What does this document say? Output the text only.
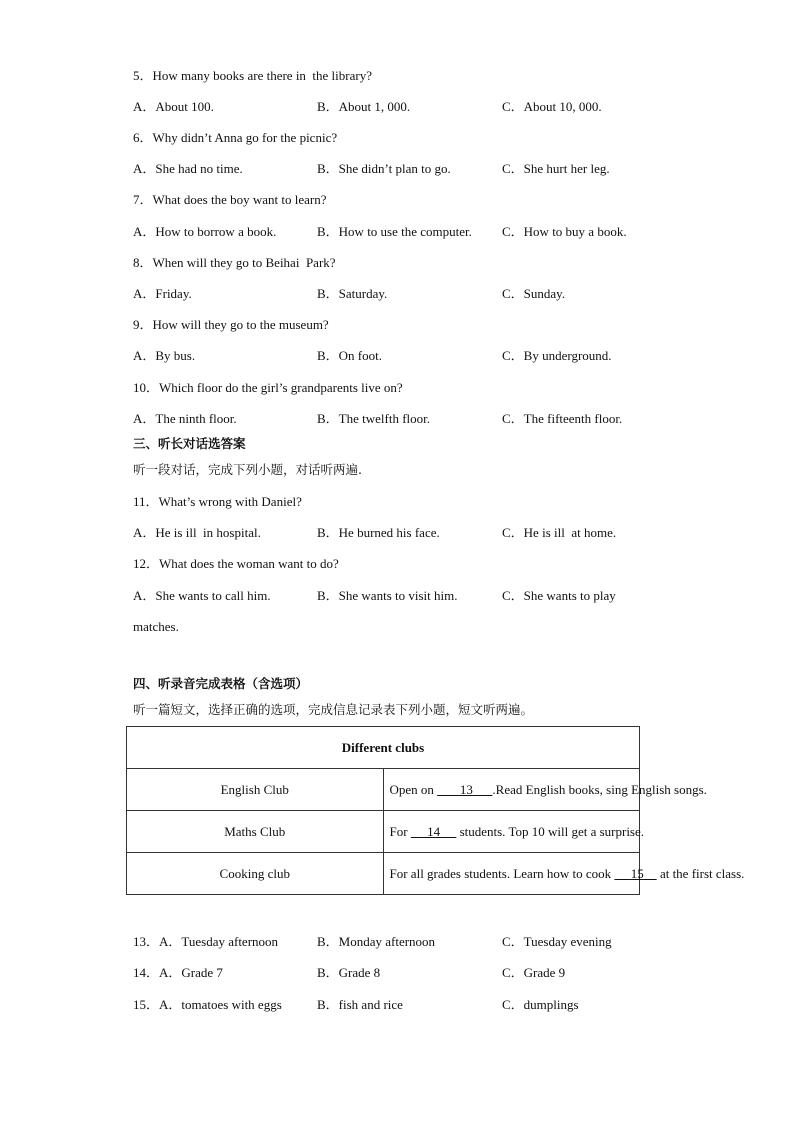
5．How many books are there in  the library?
A．About 100.	B．About 1, 000.	C．About 10, 000.
6．Why didn’t Anna go for the picnic?
A．She had no time.	B．She didn’t plan to go.	C．She hurt her leg.
7．What does the boy want to learn?
A．How to borrow a book.	B．How to use the computer. C．How to buy a book.
8．When will they go to Beihai  Park?
A．Friday.	B．Saturday.	C．Sunday.
9．How will they go to the museum?
A．By bus.	B．On foot.	C．By underground.
10．Which floor do the girl’s grandparents live on?
A．The ninth floor.	B．The twelfth floor.	C．The fifteenth floor.
三、听长对话选答案
听一段对话，完成下列小题，对话听两遍.
11．What’s wrong with Daniel?
A．He is ill  in hospital.	B．He burned his face.	C．He is ill  at home.
12．What does the woman want to do?
A．She wants to call him.	B．She wants to visit him.	C．She wants to play
matches.
四、听录音完成表格（含选项）
听一篇短文，选择正确的选项，完成信息记录表下列小题，短文听两遍。
Different clubs	
English Club	Open on        13 .Read English books, sing English songs.
Maths Club	For      14      students. Top 10 will get a surprise.
Cooking club	For all grades students. Learn how to cook      15     at the first class.
13．A．Tuesday afternoon	B．Monday afternoon	C．Tuesday evening
14．A．Grade 7	B．Grade 8	C．Grade 9
15．A．tomatoes with eggs	B．fish and rice	C．dumplings
